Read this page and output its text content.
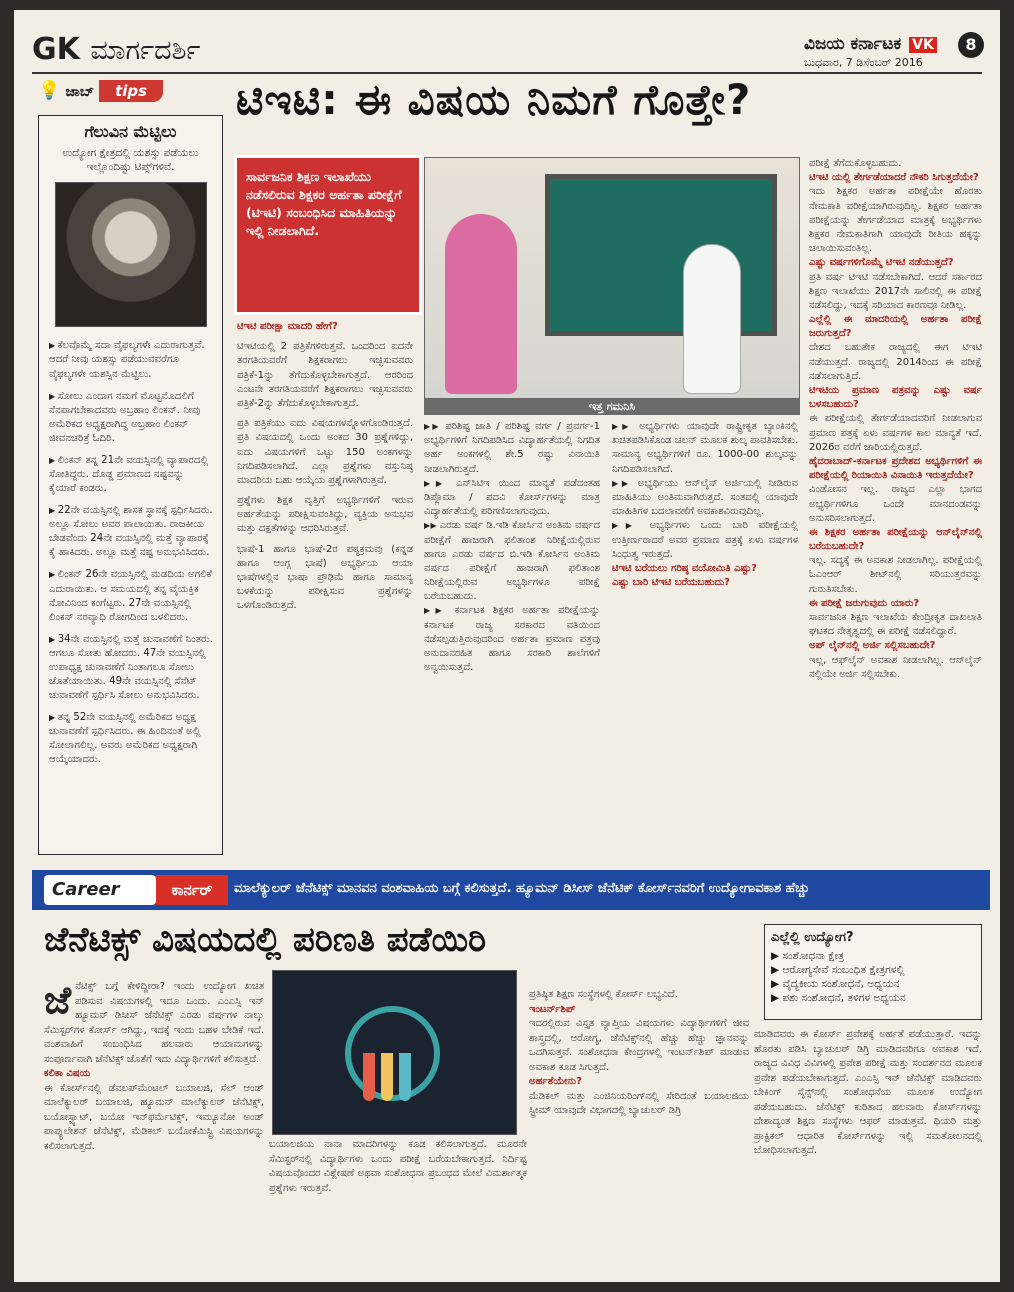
GK ಮಾರ್ಗದರ್ಶಿ	ವಿಜಯ ಕರ್ನಾಟಕ VK	8
ಬುಧವಾರ, 7 ಡಿಸೆಂಬರ್ 2016
💡 ಜಾಬ್ tips
ಗೆಲುವಿನ ಮೆಟ್ಟಿಲು
ಉದ್ಯೋಗ ಕ್ಷೇತ್ರದಲ್ಲಿ ಯಶಸ್ಸು ಪಡೆಯಲು ಇಲ್ಲೊಂದಿಷ್ಟು ಟಿಪ್ಸ್‌ಗಳಿವೆ.
▶ ಕೆಲವೊಮ್ಮೆ ಸದಾ ವೈಫಲ್ಯಗಳೇ ಎದುರಾಗುತ್ತವೆ. ಆದರೆ ನೀವು ಯಶಸ್ಸು ಪಡೆಯುವವರೆಗೂ ವೈಫಲ್ಯಗಳೇ ಯಶಸ್ಸಿನ ಮೆಟ್ಟಿಲು.
▶ ಸೋಲು ಎಂದಾಗ ನಮಗೆ ಮೊಟ್ಟಮೊದಲಿಗೆ ನೆನಪಾಗಬೇಕಾದವರು ಅಬ್ರಹಾಂ ಲಿಂಕನ್. ನೀವು ಅಮೆರಿಕದ ಅಧ್ಯಕ್ಷರಾಗಿದ್ದ ಅಬ್ರಹಾಂ ಲಿಂಕನ್ ಜೀವನಚರಿತ್ರೆ ಓದಿರಿ.
▶ ಲಿಂಕನ್ ತನ್ನ 21ನೇ ವಯಸ್ಸಿನಲ್ಲಿ ವ್ಯಾಪಾರದಲ್ಲಿ ಸೋತಿದ್ದರು. ದೊಡ್ಡ ಪ್ರಮಾಣದ ನಷ್ಟವನ್ನು ಕೈಯಾರೆ ಕಂಡರು.
▶ 22ನೇ ವಯಸ್ಸಿನಲ್ಲಿ ಶಾಸಕ ಸ್ಥಾನಕ್ಕೆ ಸ್ಪರ್ಧಿಸಿದರು. ಅಲ್ಲೂ ಸೋಲು ಅವರ ಪಾಲಾಯಿತು. ರಾಜಕೀಯ ಬೇಡವೆಂದು 24ನೇ ವಯಸ್ಸಿನಲ್ಲಿ ಮತ್ತೆ ವ್ಯಾಪಾರಕ್ಕೆ ಕೈ ಹಾಕಿದರು. ಅಲ್ಲೂ ಮತ್ತೆ ನಷ್ಟ ಅನುಭವಿಸಿದರು.
▶ ಲಿಂಕನ್ 26ನೇ ವಯಸ್ಸಿನಲ್ಲಿ ಮಡದಿಯ ಅಗಲಿಕೆ ಎದುರಾಯಿತು. ಆ ಸಮಯದಲ್ಲಿ ತನ್ನ ವೈಯಕ್ತಿಕ ನೋವಿನಿಂದ ಕಂಗೆಟ್ಟರು. 27ನೇ ವಯಸ್ಸಿನಲ್ಲಿ ಲಿಂಕನ್ ನರವ್ಯಾಧಿ ರೋಗದಿಂದ ಬಳಲಿದರು.
▶ 34ನೇ ವಯಸ್ಸಿನಲ್ಲಿ ಮತ್ತೆ ಚುನಾವಣೆಗೆ ನಿಂತರು. ಆಗಲೂ ಸೋತು ಹೋದರು. 47ನೇ ವಯಸ್ಸಿನಲ್ಲಿ ಉಪಾಧ್ಯಕ್ಷ ಚುನಾವಣೆಗೆ ನಿಂತಾಗಲೂ ಸೋಲು ಜೊತೆಯಾಯಿತು. 49ನೇ ವಯಸ್ಸಿನಲ್ಲಿ ಸೆನೆಟ್ ಚುನಾವಣೆಗೆ ಸ್ಪರ್ಧಿಸಿ ಸೋಲು ಅನುಭವಿಸಿದರು.
▶ ತನ್ನ 52ನೇ ವಯಸ್ಸಿನಲ್ಲಿ ಅಮೆರಿಕದ ಅಧ್ಯಕ್ಷ ಚುನಾವಣೆಗೆ ಸ್ಪರ್ಧಿಸಿದರು. ಈ ಹಿಂದಿನಂತೆ ಅಲ್ಲಿ ಸೋಲಾಗಲಿಲ್ಲ. ಅವರು ಅಮೆರಿಕದ ಅಧ್ಯಕ್ಷರಾಗಿ ಆಯ್ಕೆಯಾದರು.
ಟಿಇಟಿ: ಈ ವಿಷಯ ನಿಮಗೆ ಗೊತ್ತೇ?
ಸಾರ್ವಜನಿಕ ಶಿಕ್ಷಣ ಇಲಾಖೆಯು ನಡೆಸಲಿರುವ ಶಿಕ್ಷಕರ ಅರ್ಹತಾ ಪರೀಕ್ಷೆಗೆ (ಟಿಇಟಿ) ಸಂಬಂಧಿಸಿದ ಮಾಹಿತಿಯನ್ನು ಇಲ್ಲಿ ನೀಡಲಾಗಿದೆ.
ಇತ್ತ ಗಮನಿಸಿ

ಟಿಇಟಿ ಪರೀಕ್ಷಾ ಮಾದರಿ ಹೇಗೆ?

ಟಿಇಟಿಯಲ್ಲಿ 2 ಪತ್ರಿಕೆಗಳಿರುತ್ತವೆ. ಒಂದರಿಂದ ಐದನೇ ತರಗತಿಯವರೆಗೆ ಶಿಕ್ಷಕರಾಗಲು ಇಚ್ಛಿಸುವವರು ಪತ್ರಿಕೆ-1ನ್ನು ತೆಗೆದುಕೊಳ್ಳಬೇಕಾಗುತ್ತದೆ. ಆರರಿಂದ ಎಂಟನೇ ತರಗತಿಯವರೆಗೆ ಶಿಕ್ಷಕರಾಗಲು ಇಚ್ಛಿಸುವವರು ಪತ್ರಿಕೆ-2ನ್ನು ತೆಗೆದುಕೊಳ್ಳಬೇಕಾಗುತ್ತದೆ.

ಪ್ರತಿ ಪತ್ರಿಕೆಯು ಐದು ವಿಷಯಗಳನ್ನೊಳಗೊಂಡಿರುತ್ತದೆ. ಪ್ರತಿ ವಿಷಯದಲ್ಲಿ ಒಂದು ಅಂಕದ 30 ಪ್ರಶ್ನೆಗಳಿದ್ದು, ಐದು ವಿಷಯಗಳಿಗೆ ಒಟ್ಟು 150 ಅಂಕಗಳನ್ನು ನಿಗದಿಪಡಿಸಲಾಗಿದೆ. ಎಲ್ಲಾ ಪ್ರಶ್ನೆಗಳು ವಸ್ತುನಿಷ್ಠ ಮಾದರಿಯ ಬಹು ಆಯ್ಕೆಯ ಪ್ರಶ್ನೆಗಳಾಗಿರುತ್ತವೆ.

ಪ್ರಶ್ನೆಗಳು ಶಿಕ್ಷಕ ವೃತ್ತಿಗೆ ಅಭ್ಯರ್ಥಿಗಳಿಗೆ ಇರುವ ಅರ್ಹತೆಯನ್ನು ಪರೀಕ್ಷಿಸುವಂತಿದ್ದು, ವ್ಯಕ್ತಿಯ ಅನುಭವ ಮತ್ತು ದಕ್ಷತೆಗಳನ್ನು ಆಧರಿಸಿರುತ್ತವೆ.

ಭಾಷೆ-1 ಹಾಗೂ ಭಾಷೆ-2ರ ಪಠ್ಯಕ್ರಮವು (ಕನ್ನಡ ಹಾಗೂ ಆಂಗ್ಲ ಭಾಷೆ) ಅಭ್ಯರ್ಥಿಯ ಆಯಾ ಭಾಷೆಗಳಲ್ಲಿನ ಭಾಷಾ ಪ್ರೌಢಿಮೆ ಹಾಗೂ ಸಾಮಾನ್ಯ ಬಳಕೆಯನ್ನು ಪರೀಕ್ಷಿಸುವ ಪ್ರಶ್ನೆಗಳನ್ನು ಒಳಗೊಂಡಿರುತ್ತದೆ.

▶▶ ಪರಿಶಿಷ್ಟ ಜಾತಿ / ಪರಿಶಿಷ್ಟ ವರ್ಗ / ಪ್ರವರ್ಗ-1 ಅಭ್ಯರ್ಥಿಗಳಿಗೆ ನಿಗದಿಪಡಿಸಿದ ವಿದ್ಯಾರ್ಹತೆಯಲ್ಲಿ ನಿಗದಿತ ಅರ್ಹ ಅಂಕಗಳಲ್ಲಿ ಶೇ.5 ರಷ್ಟು ವಿನಾಯಿತಿ ನೀಡಲಾಗಿರುತ್ತದೆ.

▶▶ ಎನ್‌ಸಿಟಿಇ ಯಿಂದ ಮಾನ್ಯತೆ ಪಡೆದಂತಹ ಡಿಪ್ಲೊಮಾ / ಪದವಿ ಕೋರ್ಸ್‌ಗಳನ್ನು ಮಾತ್ರ ವಿದ್ಯಾರ್ಹತೆಯಲ್ಲಿ ಪರಿಗಣಿಸಲಾಗುವುದು.

▶▶ ಎರಡು ವರ್ಷ ಡಿ.ಇಡಿ ಕೋರ್ಸಿನ ಅಂತಿಮ ವರ್ಷದ ಪರೀಕ್ಷೆಗೆ ಹಾಜರಾಗಿ ಫಲಿತಾಂಶ ನಿರೀಕ್ಷೆಯಲ್ಲಿರುವ ಹಾಗೂ ಎರಡು ವರ್ಷದ ಬಿ.ಇಡಿ ಕೋರ್ಸಿನ ಅಂತಿಮ ವರ್ಷದ ಪರೀಕ್ಷೆಗೆ ಹಾಜರಾಗಿ ಫಲಿತಾಂಶ ನಿರೀಕ್ಷೆಯಲ್ಲಿರುವ ಅಭ್ಯರ್ಥಿಗಳೂ ಪರೀಕ್ಷೆ ಬರೆಯಬಹುದು.

▶▶ ಕರ್ನಾಟಕ ಶಿಕ್ಷಕರ ಅರ್ಹತಾ ಪರೀಕ್ಷೆಯನ್ನು ಕರ್ನಾಟಕ ರಾಜ್ಯ ಸರಕಾರದ ವತಿಯಿಂದ ನಡೆಸಲ್ಪಡುತ್ತಿರುವುದರಿಂದ ಅರ್ಹತಾ ಪ್ರಮಾಣ ಪತ್ರವು ಅನುದಾನರಹಿತ ಹಾಗೂ ಸರಕಾರಿ ಶಾಲೆಗಳಿಗೆ ಅನ್ವಯಿಸುತ್ತದೆ.

▶▶ ಅಭ್ಯರ್ಥಿಗಳು ಯಾವುದೇ ರಾಷ್ಟ್ರೀಕೃತ ಬ್ಯಾಂಕಿನಲ್ಲಿ ಖಚಿತಪಡಿಸಿಕೊಂಡ ಚಲನ್ ಮೂಲಕ ಶುಲ್ಕ ಪಾವತಿಸಬೇಕು. ಸಾಮಾನ್ಯ ಅಭ್ಯರ್ಥಿಗಳಿಗೆ ರೂ. 1000-00 ಶುಲ್ಕವನ್ನು ನಿಗದಿಪಡಿಸಲಾಗಿದೆ.

▶▶ ಅಭ್ಯರ್ಥಿಯು ಆನ್‌ಲೈನ್ ಅರ್ಜಿಯಲ್ಲಿ ನೀಡಿರುವ ಮಾಹಿತಿಯು ಅಂತಿಮವಾಗಿರುತ್ತದೆ. ಸಂತದಲ್ಲಿ ಯಾವುದೇ ಮಾಹಿತಿಗಳ ಬದಲಾವಣೆಗೆ ಅವಕಾಶವಿರುವುದಿಲ್ಲ.

▶▶ ಅಭ್ಯರ್ಥಿಗಳು ಒಂದು ಬಾರಿ ಪರೀಕ್ಷೆಯಲ್ಲಿ ಉತ್ತೀರ್ಣರಾದರೆ ಅವರ ಪ್ರಮಾಣ ಪತ್ರಕ್ಕೆ ಏಳು ವರ್ಷಗಳ ಸಿಂಧುತ್ವ ಇರುತ್ತದೆ.

ಟಿಇಟಿ ಬರೆಯಲು ಗರಿಷ್ಠ ವಯೋಮಿತಿ ಎಷ್ಟು?

ಎಷ್ಟು ಬಾರಿ ಟಿಇಟಿ ಬರೆಯಬಹುದು?

ಪರೀಕ್ಷೆ ತೆಗೆದುಕೊಳ್ಳಬಹುದು.

ಟಿಇಟಿ ಯಲ್ಲಿ ತೇರ್ಗಡೆಯಾದರೆ ನೌಕರಿ ಸಿಗುತ್ತದೆಯೇ?

ಇದು ಶಿಕ್ಷಕರ ಅರ್ಹತಾ ಪರೀಕ್ಷೆಯೇ ಹೊರತು ನೇಮಕಾತಿ ಪರೀಕ್ಷೆಯಾಗಿರುವುದಿಲ್ಲ. ಶಿಕ್ಷಕರ ಅರ್ಹತಾ ಪರೀಕ್ಷೆಯನ್ನು ತೇರ್ಗಡೆಯಾದ ಮಾತ್ರಕ್ಕೆ ಅಭ್ಯರ್ಥಿಗಳು ಶಿಕ್ಷಕರ ನೇಮಕಾತಿಗಾಗಿ ಯಾವುದೇ ರೀತಿಯ ಹಕ್ಕನ್ನು ಚಲಾಯಿಸುವಂತಿಲ್ಲ.

ಎಷ್ಟು ವರ್ಷಗಳಿಗೊಮ್ಮೆ ಟಿಇಟಿ ನಡೆಯುತ್ತದೆ?

ಪ್ರತಿ ವರ್ಷ ಟಿಇಟಿ ನಡೆಸಬೇಕಾಗಿದೆ. ಆದರೆ ಸರ್ಕಾರದ ಶಿಕ್ಷಣ ಇಲಾಖೆಯು 2017ನೇ ಸಾಲಿನಲ್ಲಿ ಈ ಪರೀಕ್ಷೆ ನಡೆಸಲಿದ್ದು, ಇದಕ್ಕೆ ಸರಿಯಾದ ಕಾರಣವೂ ನೀಡಿಲ್ಲ.

ಎಲ್ಲೆಲ್ಲಿ ಈ ಮಾದರಿಯಲ್ಲಿ ಅರ್ಹತಾ ಪರೀಕ್ಷೆ ಜರುಗುತ್ತದೆ?

ದೇಶದ ಬಹುತೇಕ ರಾಜ್ಯದಲ್ಲಿ ಈಗ ಟಿಇಟಿ ನಡೆಯುತ್ತದೆ. ರಾಜ್ಯದಲ್ಲಿ 2014ರಿಂದ ಈ ಪರೀಕ್ಷೆ ನಡೆಸಲಾಗುತ್ತಿದೆ.

ಟಿಇಟಿಯ ಪ್ರಮಾಣ ಪತ್ರವನ್ನು ಎಷ್ಟು ವರ್ಷ ಬಳಸಬಹುದು?

ಈ ಪರೀಕ್ಷೆಯಲ್ಲಿ ತೇರ್ಗಡೆಯಾದವರಿಗೆ ನೀಡಲಾಗುವ ಪ್ರಮಾಣ ಪತ್ರಕ್ಕೆ ಏಳು ವರ್ಷಗಳ ಕಾಲ ಮಾನ್ಯತೆ ಇದೆ. 2026ರ ವರೆಗೆ ಜಾರಿಯಲ್ಲಿರುತ್ತದೆ.

ಹೈದರಾಬಾದ್-ಕರ್ನಾಟಕ ಪ್ರದೇಶದ ಅಭ್ಯರ್ಥಿಗಳಿಗೆ ಈ ಪರೀಕ್ಷೆಯಲ್ಲಿ ರಿಯಾಯಿತಿ ವಿನಾಯಿತಿ ಇರುತ್ತದೆಯೇ?

ವಿಂಡೋಸನ ಇಲ್ಲ. ರಾಜ್ಯದ ಎಲ್ಲಾ ಭಾಗದ ಅಭ್ಯರ್ಥಿಗಳಿಗೂ ಒಂದೇ ಮಾನದಂಡವನ್ನು ಅನುಸರಿಸಲಾಗುತ್ತದೆ.

ಈ ಶಿಕ್ಷಕರ ಅರ್ಹತಾ ಪರೀಕ್ಷೆಯನ್ನು ಆನ್‌ಲೈನ್‌ನಲ್ಲಿ ಬರೆಯಬಹುದೇ?

ಇಲ್ಲ. ಸದ್ಯಕ್ಕೆ ಈ ಅವಕಾಶ ನೀಡಲಾಗಿಲ್ಲ. ಪರೀಕ್ಷೆಯಲ್ಲಿ ಓಎಂಆರ್ ಶೀಟ್‌ನಲ್ಲಿ ಸರಿಯುತ್ತರವನ್ನು ಗುರುತಿಸಬೇಕು.

ಈ ಪರೀಕ್ಷೆ ಜರುಗುವುದು ಯಾರು?

ಸಾರ್ವಜನಿಕ ಶಿಕ್ಷಣ ಇಲಾಖೆಯ ಕೇಂದ್ರೀಕೃತ ದಾಖಲಾತಿ ಘಟಕದ ನೇತೃತ್ವದಲ್ಲಿ ಈ ಪರೀಕ್ಷೆ ನಡೆಸಲಿದ್ದಾರೆ.

ಅಪ್ ಲೈನ್‌ನಲ್ಲಿ ಅರ್ಜಿ ಸಲ್ಲಿಸಬಹುದೇ?

ಇಲ್ಲ, ಆಫ್‌ಲೈನ್ ಅವಕಾಶ ನೀಡಲಾಗಿಲ್ಲ. ಆನ್‌ಲೈನ್ ನಲ್ಲಿಯೇ ಅರ್ಜಿ ಸಲ್ಲಿಸಬೇಕು.

Career	ಕಾರ್ನರ್	ಮಾಲೆಕ್ಯುಲರ್ ಜೆನೆಟಿಕ್ಸ್ ಮಾನವನ ವಂಶವಾಹಿಯ ಬಗ್ಗೆ ಕಲಿಸುತ್ತದೆ. ಹ್ಯೂಮನ್ ಡಿಸೀಸ್ ಜೆನೆಟಿಕ್ ಕೋರ್ಸ್‌ನವರಿಗೆ ಉದ್ಯೋಗಾವಕಾಶ ಹೆಚ್ಚು
ಜೆನೆಟಿಕ್ಸ್ ವಿಷಯದಲ್ಲಿ ಪರಿಣತಿ ಪಡೆಯಿರಿ	ಎಲ್ಲೆಲ್ಲಿ ಉದ್ಯೋಗ?
▶ ಸಂಶೋಧನಾ ಕ್ಷೇತ್ರ
▶ ಆರೋಗ್ಯಸೇವೆ ಸಂಬಂಧಿತ ಕ್ಷೇತ್ರಗಳಲ್ಲಿ
▶ ವೈದ್ಯಕೀಯ ಸಂಶೋಧನೆ, ಅಧ್ಯಯನ
▶ ಪಶು ಸಂಶೋಧನೆ, ತಳಿಗಳ ಅಧ್ಯಯನ

ಜೆ ನೆಟಿಕ್ಸ್ ಬಗ್ಗೆ ಕೇಳಿದ್ದೀರಾ? ಇಂದು ಉದ್ಯೋಗ ಖಚಿತ ಪಡಿಸುವ ವಿಷಯಗಳಲ್ಲಿ ಇದೂ ಒಂದು. ಎಂಎಸ್ಸಿ ಇನ್ ಹ್ಯೂಮನ್ ಡಿಸೀಸ್ ಜೆನೆಟಿಕ್ಸ್ ಎರಡು ವರ್ಷಗಳ ನಾಲ್ಕು ಸೆಮಿಸ್ಟರ್‌ಗಳ ಕೋರ್ಸ್ ಆಗಿದ್ದು, ಇದಕ್ಕೆ ಇಂದು ಬಹಳ ಬೇಡಿಕೆ ಇದೆ. ವಂಶವಾಹಿಗೆ ಸಂಬಂಧಿಸಿದ ಹಲವಾರು ಆಯಾಮಗಳನ್ನು ಸಂಪೂರ್ಣವಾಗಿ ಜೆನೆಟಿಕ್ಸ್ ಜೊತೆಗೆ ಇದು ವಿದ್ಯಾರ್ಥಿಗಳಿಗೆ ಕಲಿಸುತ್ತದೆ.

ಕಲಿಕಾ ವಿಷಯ

ಈ ಕೋರ್ಸ್‌ನಲ್ಲಿ ಡೆವಲಪ್‌ಮೆಂಟಲ್ ಬಯಾಲಜಿ, ಸೆಲ್ ಆಂಡ್ ಮಾಲೆಕ್ಯುಲರ್ ಬಯಾಲಜಿ, ಹ್ಯೂಮನ್ ಮಾಲೆಕ್ಯುಲರ್ ಜೆನೆಟಿಕ್ಸ್, ಬಯೋಸ್ಟ್ಯಾಟ್, ಬಯೋ ಇನ್‌ಫರ್ಮೆಟಿಕ್ಸ್, ಇಮ್ಯೂನೋ ಅಂಡ್ ಪಾಪ್ಯುಲೇಶನ್ ಜೆನೆಟಿಕ್ಸ್, ಮೆಡಿಕಲ್ ಬಯೋಕೆಮಿಸ್ಟ್ರಿ ವಿಷಯಗಳನ್ನು ಕಲಿಸಲಾಗುತ್ತದೆ.	ಬಯಾಲಜಿಯ ನಾನಾ ಮಾದರಿಗಳನ್ನು ಕೂಡ ಕಲಿಸಲಾಗುತ್ತದೆ. ಮೂರನೇ ಸೆಮಿಸ್ಟರ್‌ನಲ್ಲಿ ವಿದ್ಯಾರ್ಥಿಗಳು ಒಂದು ಪರೀಕ್ಷೆ ಬರೆಯಬೇಕಾಗುತ್ತದೆ. ನಿರ್ದಿಷ್ಟ ವಿಷಯವೊಂದರ ವಿಶ್ಲೇಷಣೆ ಅಥವಾ ಸಂಶೋಧನಾ ಪ್ರಬಂಧದ ಮೇಲೆ ವಿಮರ್ಶಾತ್ಮಕ ಪ್ರಶ್ನೆಗಳು ಇರುತ್ತವೆ.

ಪ್ರತಿಷ್ಠಿತ ಶಿಕ್ಷಣ ಸಂಸ್ಥೆಗಳಲ್ಲಿ ಕೋರ್ಸ್ ಲಭ್ಯವಿದೆ.

ಇಂಟರ್ನ್‌ಶಿಪ್

ಇದರಲ್ಲಿರುವ ವಿಸ್ತೃತ ವ್ಯಾಪ್ತಿಯ ವಿಷಯಗಳು ವಿದ್ಯಾರ್ಥಿಗಳಿಗೆ ಜೀವ ಶಾಸ್ತ್ರದಲ್ಲಿ, ಆರೋಗ್ಯ, ಜೆನೆಟಿಕ್ಸ್‌ನಲ್ಲಿ ಹೆಚ್ಚು ಹೆಚ್ಚು ಜ್ಞಾನವನ್ನು ಒದಗಿಸುತ್ತವೆ. ಸಂಶೋಧನಾ ಕೇಂದ್ರಗಳಲ್ಲಿ ಇಂಟರ್ನ್‌ಶಿಪ್ ಮಾಡುವ ಅವಕಾಶ ಕೂಡ ಸಿಗುತ್ತದೆ.

ಅರ್ಹತೆಯೇನು?

ಮೆಡಿಕಲ್ ಮತ್ತು ಎಂಜಿನಿಯರಿಂಗ್‌ನಲ್ಲಿ ಸೇರಿದಂತೆ ಬಯಾಲಜಿಯ ಸ್ಟ್ರೀಮ್ ಯಾವುದೇ ವಿಭಾಗದಲ್ಲಿ ಬ್ಯಾಚುಲರ್ ಡಿಗ್ರಿ

ಮಾಡಿದವರು ಈ ಕೋರ್ಸ್ ಪ್ರವೇಶಕ್ಕೆ ಅರ್ಹತೆ ಪಡೆಯುತ್ತಾರೆ. ಇದನ್ನು ಹೊರತು ಪಡಿಸಿ ಬ್ಯಾಚುಲರ್ ಡಿಗ್ರಿ ಮಾಡಿದವರಿಗೂ ಅವಕಾಶ ಇದೆ. ರಾಜ್ಯದ ವಿವಿಧ ವಿವಿಗಳಲ್ಲಿ ಪ್ರವೇಶ ಪರೀಕ್ಷೆ ಮತ್ತು ಸಂದರ್ಶನದ ಮೂಲಕ ಪ್ರವೇಶ ಪಡೆಯಬೇಕಾಗುತ್ತದೆ. ಎಂಎಸ್ಸಿ ಇನ್ ಜೆನೆಟಿಕ್ಸ್ ಮಾಡಿದವರು ಬೇಕಿಂಗ್ ಸೈನ್ಸ್‌ನಲ್ಲಿ ಸಂಶೋಧನೆಯ ಮೂಲಕ ಉದ್ಯೋಗ ಪಡೆಯಬಹುದು. ಜೆನೆಟಿಕ್ಸ್ ಕುರಿತಾದ ಹಲವಾರು ಕೋರ್ಸ್‌ಗಳನ್ನು ದೇಶಾದ್ಯಂತ ಶಿಕ್ಷಣ ಸಂಸ್ಥೆಗಳು ಆಫರ್ ಮಾಡುತ್ತವೆ. ಥಿಯರಿ ಮತ್ತು ಪ್ರಾಕ್ಟಿಕಲ್ ಆಧಾರಿತ ಕೋರ್ಸ್‌ಗಳನ್ನು ಇಲ್ಲಿ ಸಮತೋಲನದಲ್ಲಿ ಬೋಧಿಸಲಾಗುತ್ತದೆ.
